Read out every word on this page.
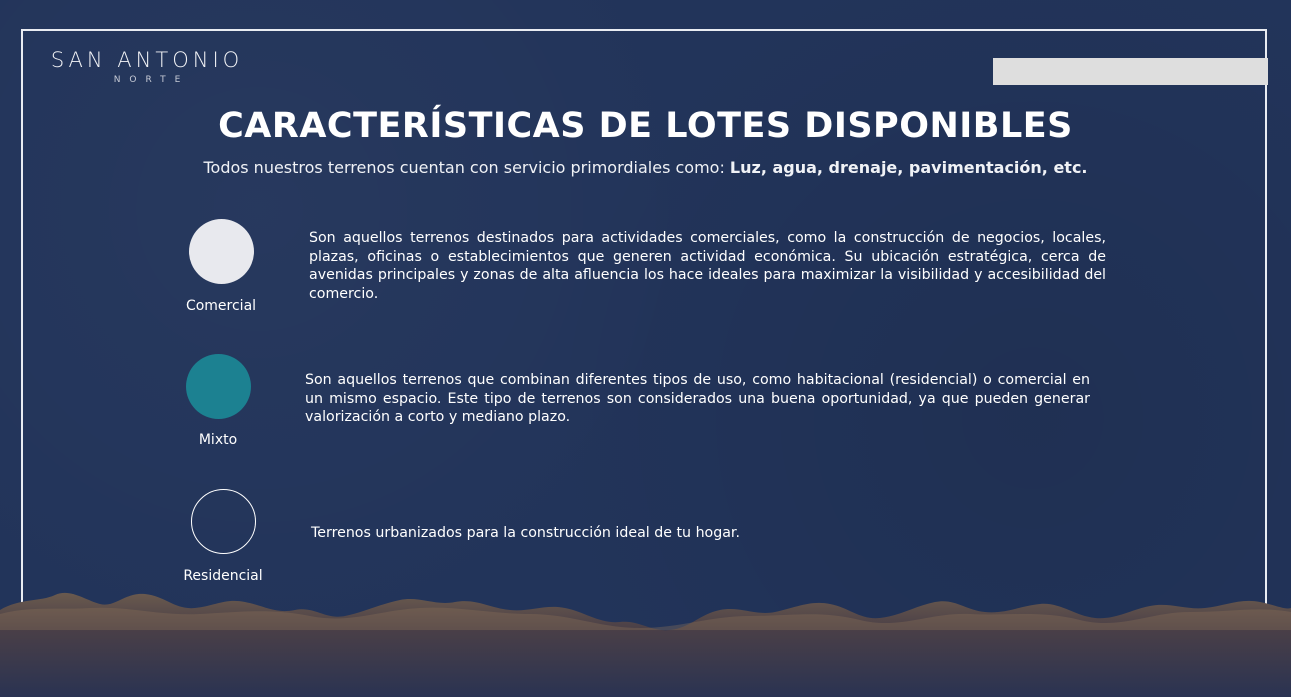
SAN ANTONIO
NORTE
CARACTERÍSTICAS DE LOTES DISPONIBLES
Todos nuestros terrenos cuentan con servicio primordiales como: Luz, agua, drenaje, pavimentación, etc.
Comercial
Son aquellos terrenos destinados para actividades comerciales, como la construcción de negocios, locales, plazas, oficinas o establecimientos que generen actividad económica. Su ubicación estratégica, cerca de avenidas principales y zonas de alta afluencia los hace ideales para maximizar la visibilidad y accesibilidad del comercio.
Mixto
Son aquellos terrenos que combinan diferentes tipos de uso, como habitacional (residencial) o comercial en un mismo espacio. Este tipo de terrenos son considerados una buena oportunidad, ya que pueden generar valorización a corto y mediano plazo.
Residencial
Terrenos urbanizados para la construcción ideal de tu hogar.
